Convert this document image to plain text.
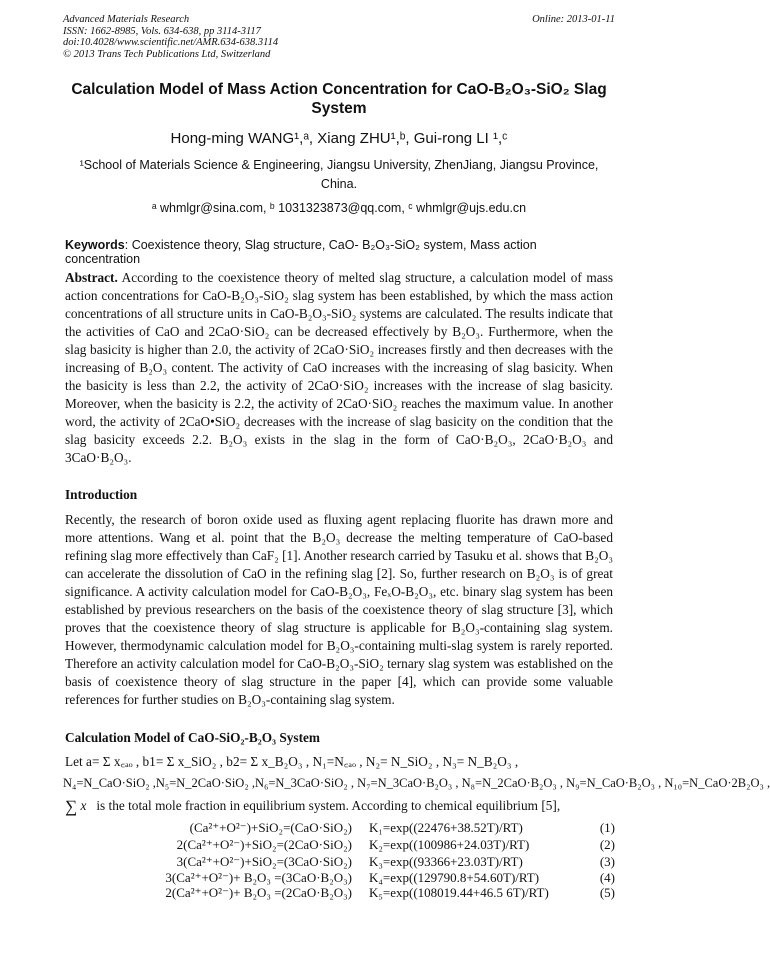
Advanced Materials Research	Online: 2013-01-11
ISSN: 1662-8985, Vols. 634-638, pp 3114-3117
doi:10.4028/www.scientific.net/AMR.634-638.3114
© 2013 Trans Tech Publications Ltd, Switzerland
Calculation Model of Mass Action Concentration for CaO-B₂O₃-SiO₂ Slag
System
Hong-ming WANG¹,ᵃ, Xiang ZHU¹,ᵇ, Gui-rong LI ¹,ᶜ
¹School of Materials Science & Engineering, Jiangsu University, ZhenJiang, Jiangsu Province,
China.
ᵃ whmlgr@sina.com, ᵇ 1031323873@qq.com, ᶜ whmlgr@ujs.edu.cn
Keywords: Coexistence theory, Slag structure, CaO- B₂O₃-SiO₂ system, Mass action concentration
Abstract. According to the coexistence theory of melted slag structure, a calculation model of mass action concentrations for CaO-B₂O₃-SiO₂ slag system has been established, by which the mass action concentrations of all structure units in CaO-B₂O₃-SiO₂ systems are calculated. The results indicate that the activities of CaO and 2CaO·SiO₂ can be decreased effectively by B₂O₃. Furthermore, when the slag basicity is higher than 2.0, the activity of 2CaO·SiO₂ increases firstly and then decreases with the increasing of B₂O₃ content. The activity of CaO increases with the increasing of slag basicity. When the basicity is less than 2.2, the activity of 2CaO·SiO₂ increases with the increase of slag basicity. Moreover, when the basicity is 2.2, the activity of 2CaO·SiO₂ reaches the maximum value. In another word, the activity of 2CaO•SiO₂ decreases with the increase of slag basicity on the condition that the slag basicity exceeds 2.2. B₂O₃ exists in the slag in the form of CaO·B₂O₃, 2CaO·B₂O₃ and 3CaO·B₂O₃.
Introduction
Recently, the research of boron oxide used as fluxing agent replacing fluorite has drawn more and more attentions. Wang et al. point that the B₂O₃ decrease the melting temperature of CaO-based refining slag more effectively than CaF₂ [1]. Another research carried by Tasuku et al. shows that B₂O₃ can accelerate the dissolution of CaO in the refining slag [2]. So, further research on B₂O₃ is of great significance. A activity calculation model for CaO-B₂O₃, FeₓO-B₂O₃, etc. binary slag system has been established by previous researchers on the basis of the coexistence theory of slag structure [3], which proves that the coexistence theory of slag structure is applicable for B₂O₃-containing slag system. However, thermodynamic calculation model for B₂O₃-containing multi-slag system is rarely reported. Therefore an activity calculation model for CaO-B₂O₃-SiO₂ ternary slag system was established on the basis of coexistence theory of slag structure in the paper [4], which can provide some valuable references for further studies on B₂O₃-containing slag system.
Calculation Model of CaO-SiO₂-B₂O₃ System
Let a= Σ x꜀ₐₒ , b1= Σ x_SiO₂ , b2= Σ x_B₂O₃ , N₁=N꜀ₐₒ , N₂= N_SiO₂ , N₃= N_B₂O₃ ,
N₄=N_CaO·SiO₂ ,N₅=N_2CaO·SiO₂ ,N₆=N_3CaO·SiO₂ , N₇=N_3CaO·B₂O₃ , N₈=N_2CaO·B₂O₃ , N₉=N_CaO·B₂O₃ , N₁₀=N_CaO·2B₂O₃ ,
∑ x is the total mole fraction in equilibrium system. According to chemical equilibrium [5],
(Ca²⁺+O²⁻)+SiO₂=(CaO·SiO₂) K₁=exp((22476+38.52T)/RT)	(1)
2(Ca²⁺+O²⁻)+SiO₂=(2CaO·SiO₂) K₂=exp((100986+24.03T)/RT)	(2)
3(Ca²⁺+O²⁻)+SiO₂=(3CaO·SiO₂) K₃=exp((93366+23.03T)/RT)	(3)
3(Ca²⁺+O²⁻)+ B₂O₃ =(3CaO·B₂O₃) K₄=exp((129790.8+54.60T)/RT)	(4)
2(Ca²⁺+O²⁻)+ B₂O₃ =(2CaO·B₂O₃) K₅=exp((108019.44+46.5 6T)/RT)	(5)
